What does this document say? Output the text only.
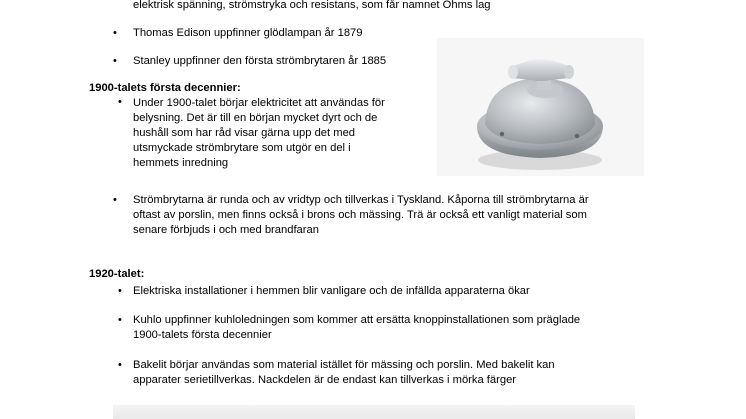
elektrisk spänning, strömstryka och resistans, som får namnet Ohms lag
• Thomas Edison uppfinner glödlampan år 1879
• Stanley uppfinner den första strömbrytaren år 1885
1900-talets första decennier:
• Under 1900-talet börjar elektricitet att användas för
belysning. Det är till en början mycket dyrt och de
hushåll som har råd visar gärna upp det med
utsmyckade strömbrytare som utgör en del i
hemmets inredning
• Strömbrytarna är runda och av vridtyp och tillverkas i Tyskland. Kåporna till strömbrytarna är
oftast av porslin, men finns också i brons och mässing. Trä är också ett vanligt material som
senare förbjuds i och med brandfaran
1920-talet:
• Elektriska installationer i hemmen blir vanligare och de infällda apparaterna ökar
• Kuhlo uppfinner kuhloledningen som kommer att ersätta knoppinstallationen som präglade
1900-talets första decennier
• Bakelit börjar användas som material istället för mässing och porslin. Med bakelit kan
apparater serietillverkas. Nackdelen är de endast kan tillverkas i mörka färger
